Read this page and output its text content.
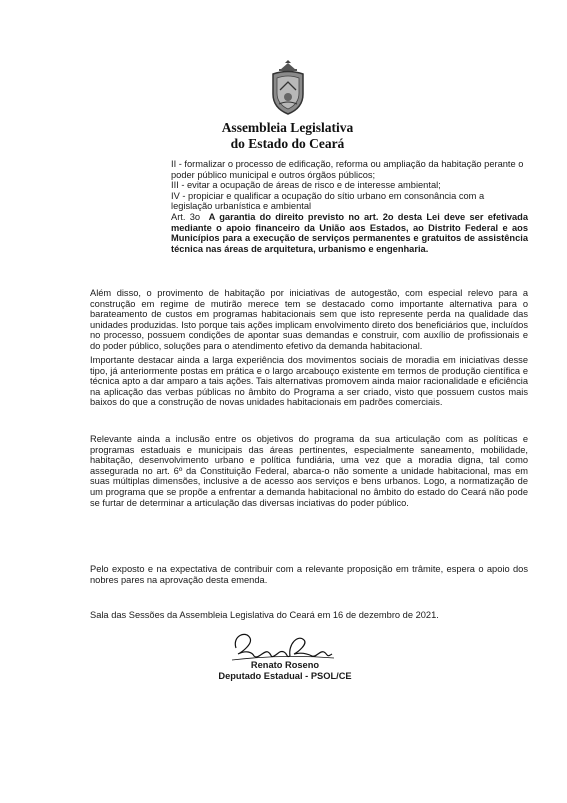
Assembleia Legislativa
do Estado do Ceará

II - formalizar o processo de edificação, reforma ou ampliação da habitação perante o poder público municipal e outros órgãos públicos;

III - evitar a ocupação de áreas de risco e de interesse ambiental;

IV - propiciar e qualificar a ocupação do sítio urbano em consonância com a legislação urbanística e ambiental

Art. 3o A garantia do direito previsto no art. 2o desta Lei deve ser efetivada mediante o apoio financeiro da União aos Estados, ao Distrito Federal e aos Municípios para a execução de serviços permanentes e gratuitos de assistência técnica nas áreas de arquitetura, urbanismo e engenharia.

Além disso, o provimento de habitação por iniciativas de autogestão, com especial relevo para a construção em regime de mutirão merece tem se destacado como importante alternativa para o barateamento de custos em programas habitacionais sem que isto represente perda na qualidade das unidades produzidas. Isto porque tais ações implicam envolvimento direto dos beneficiários que, incluídos no processo, possuem condições de apontar suas demandas e construir, com auxílio de profissionais e do poder público, soluções para o atendimento efetivo da demanda habitacional.
Importante destacar ainda a larga experiência dos movimentos sociais de moradia em iniciativas desse tipo, já anteriormente postas em prática e o largo arcabouço existente em termos de produção científica e técnica apto a dar amparo a tais ações. Tais alternativas promovem ainda maior racionalidade e eficiência na aplicação das verbas públicas no âmbito do Programa a ser criado, visto que possuem custos mais baixos do que a construção de novas unidades habitacionais em padrões comerciais.
Relevante ainda a inclusão entre os objetivos do programa da sua articulação com as políticas e programas estaduais e municipais das áreas pertinentes, especialmente saneamento, mobilidade, habitação, desenvolvimento urbano e política fundiária, uma vez que a moradia digna, tal como assegurada no art. 6º da Constituição Federal, abarca-o não somente a unidade habitacional, mas em suas múltiplas dimensões, inclusive a de acesso aos serviços e bens urbanos. Logo, a normatização de um programa que se propõe a enfrentar a demanda habitacional no âmbito do estado do Ceará não pode se furtar de determinar a articulação das diversas inciativas do poder público.
Pelo exposto e na expectativa de contribuir com a relevante proposição em trâmite, espera o apoio dos nobres pares na aprovação desta emenda.
Sala das Sessões da Assembleia Legislativa do Ceará em 16 de dezembro de 2021.
Renato Roseno
Deputado Estadual - PSOL/CE
